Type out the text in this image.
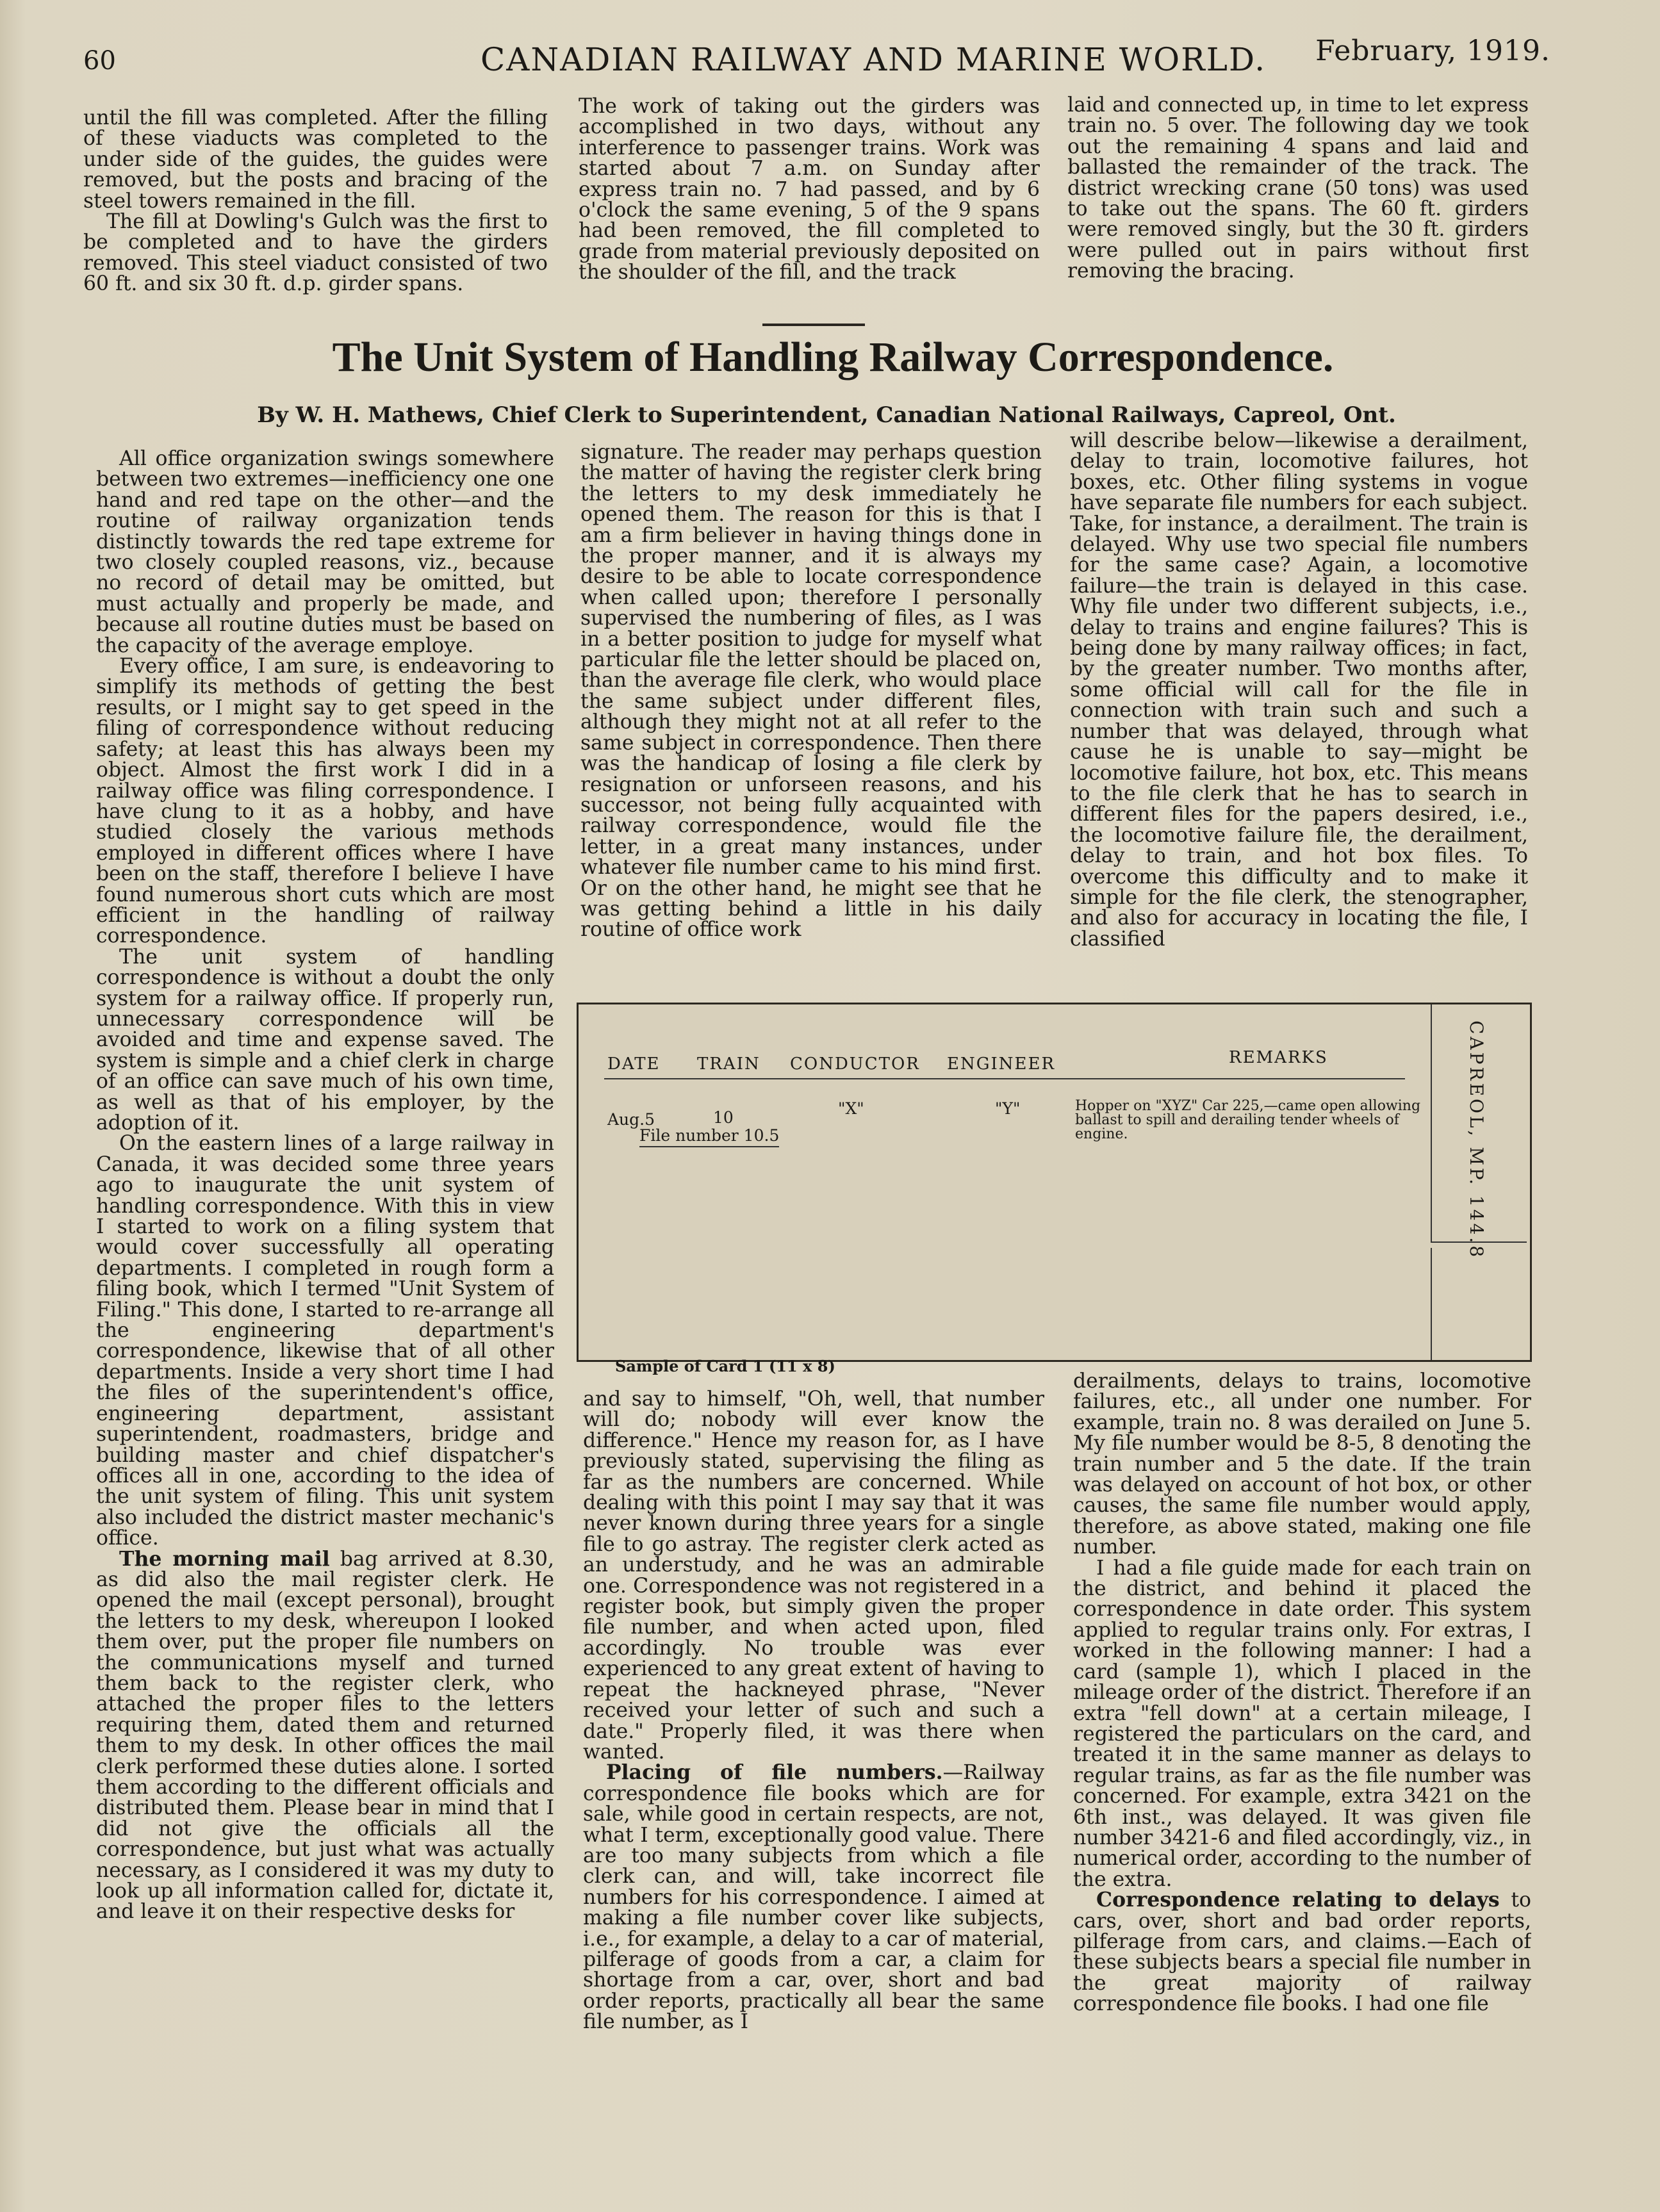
60	CANADIAN RAILWAY AND MARINE WORLD. February, 1919.

until the fill was completed. After the filling of these viaducts was completed to the under side of the guides, the guides were removed, but the posts and bracing of the steel towers remained in the fill.

The fill at Dowling's Gulch was the first to be completed and to have the girders removed. This steel viaduct consisted of two 60 ft. and six 30 ft. d.p. girder spans.

The work of taking out the girders was accomplished in two days, without any interference to passenger trains. Work was started about 7 a.m. on Sunday after express train no. 7 had passed, and by 6 o'clock the same evening, 5 of the 9 spans had been removed, the fill completed to grade from material previously deposited on the shoulder of the fill, and the track

laid and connected up, in time to let express train no. 5 over. The following day we took out the remaining 4 spans and laid and ballasted the remainder of the track. The district wrecking crane (50 tons) was used to take out the spans. The 60 ft. girders were removed singly, but the 30 ft. girders were pulled out in pairs without first removing the bracing.

The Unit System of Handling Railway Correspondence.
By W. H. Mathews, Chief Clerk to Superintendent, Canadian National Railways, Capreol, Ont.

All office organization swings somewhere between two extremes—inefficiency one one hand and red tape on the other—and the routine of railway organization tends distinctly towards the red tape extreme for two closely coupled reasons, viz., because no record of detail may be omitted, but must actually and properly be made, and because all routine duties must be based on the capacity of the average employe.

Every office, I am sure, is endeavoring to simplify its methods of getting the best results, or I might say to get speed in the filing of correspondence without reducing safety; at least this has always been my object. Almost the first work I did in a railway office was filing correspondence. I have clung to it as a hobby, and have studied closely the various methods employed in different offices where I have been on the staff, therefore I believe I have found numerous short cuts which are most efficient in the handling of railway correspondence.

The unit system of handling correspondence is without a doubt the only system for a railway office. If properly run, unnecessary correspondence will be avoided and time and expense saved. The system is simple and a chief clerk in charge of an office can save much of his own time, as well as that of his employer, by the adoption of it.

On the eastern lines of a large railway in Canada, it was decided some three years ago to inaugurate the unit system of handling correspondence. With this in view I started to work on a filing system that would cover successfully all operating departments. I completed in rough form a filing book, which I termed "Unit System of Filing." This done, I started to re-arrange all the engineering department's correspondence, likewise that of all other departments. Inside a very short time I had the files of the superintendent's office, engineering department, assistant superintendent, roadmasters, bridge and building master and chief dispatcher's offices all in one, according to the idea of the unit system of filing. This unit system also included the district master mechanic's office.

The morning mail bag arrived at 8.30, as did also the mail register clerk. He opened the mail (except personal), brought the letters to my desk, whereupon I looked them over, put the proper file numbers on the communications myself and turned them back to the register clerk, who attached the proper files to the letters requiring them, dated them and returned them to my desk. In other offices the mail clerk performed these duties alone. I sorted them according to the different officials and distributed them. Please bear in mind that I did not give the officials all the correspondence, but just what was actually necessary, as I considered it was my duty to look up all information called for, dictate it, and leave it on their respective desks for

signature. The reader may perhaps question the matter of having the register clerk bring the letters to my desk immediately he opened them. The reason for this is that I am a firm believer in having things done in the proper manner, and it is always my desire to be able to locate correspondence when called upon; therefore I personally supervised the numbering of files, as I was in a better position to judge for myself what particular file the letter should be placed on, than the average file clerk, who would place the same subject under different files, although they might not at all refer to the same subject in correspondence. Then there was the handicap of losing a file clerk by resignation or unforseen reasons, and his successor, not being fully acquainted with railway correspondence, would file the letter, in a great many instances, under whatever file number came to his mind first. Or on the other hand, he might see that he was getting behind a little in his daily routine of office work

will describe below—likewise a derailment, delay to train, locomotive failures, hot boxes, etc. Other filing systems in vogue have separate file numbers for each subject. Take, for instance, a derailment. The train is delayed. Why use two special file numbers for the same case? Again, a locomotive failure—the train is delayed in this case. Why file under two different subjects, i.e., delay to trains and engine failures? This is being done by many railway offices; in fact, by the greater number. Two months after, some official will call for the file in connection with train such and such a number that was delayed, through what cause he is unable to say—might be locomotive failure, hot box, etc. This means to the file clerk that he has to search in different files for the papers desired, i.e., the locomotive failure file, the derailment, delay to train, and hot box files. To overcome this difficulty and to make it simple for the file clerk, the stenographer, and also for accuracy in locating the file, I classified

DATE TRAIN CONDUCTOR ENGINEER	REMARKS
Aug.5	10	"X"	"Y"
File number 10.5
Hopper on "XYZ" Car 225,—came open allowing ballast to spill and derailing tender wheels of engine.	CAPREOL, MP. 144.8
Sample of Card 1 (11 x 8)

and say to himself, "Oh, well, that number will do; nobody will ever know the difference." Hence my reason for, as I have previously stated, supervising the filing as far as the numbers are concerned. While dealing with this point I may say that it was never known during three years for a single file to go astray. The register clerk acted as an understudy, and he was an admirable one. Correspondence was not registered in a register book, but simply given the proper file number, and when acted upon, filed accordingly. No trouble was ever experienced to any great extent of having to repeat the hackneyed phrase, "Never received your letter of such and such a date." Properly filed, it was there when wanted.

Placing of file numbers.—Railway correspondence file books which are for sale, while good in certain respects, are not, what I term, exceptionally good value. There are too many subjects from which a file clerk can, and will, take incorrect file numbers for his correspondence. I aimed at making a file number cover like subjects, i.e., for example, a delay to a car of material, pilferage of goods from a car, a claim for shortage from a car, over, short and bad order reports, practically all bear the same file number, as I

derailments, delays to trains, locomotive failures, etc., all under one number. For example, train no. 8 was derailed on June 5. My file number would be 8-5, 8 denoting the train number and 5 the date. If the train was delayed on account of hot box, or other causes, the same file number would apply, therefore, as above stated, making one file number.

I had a file guide made for each train on the district, and behind it placed the correspondence in date order. This system applied to regular trains only. For extras, I worked in the following manner: I had a card (sample 1), which I placed in the mileage order of the district. Therefore if an extra "fell down" at a certain mileage, I registered the particulars on the card, and treated it in the same manner as delays to regular trains, as far as the file number was concerned. For example, extra 3421 on the 6th inst., was delayed. It was given file number 3421-6 and filed accordingly, viz., in numerical order, according to the number of the extra.

Correspondence relating to delays to cars, over, short and bad order reports, pilferage from cars, and claims.—Each of these subjects bears a special file number in the great majority of railway correspondence file books. I had one file
